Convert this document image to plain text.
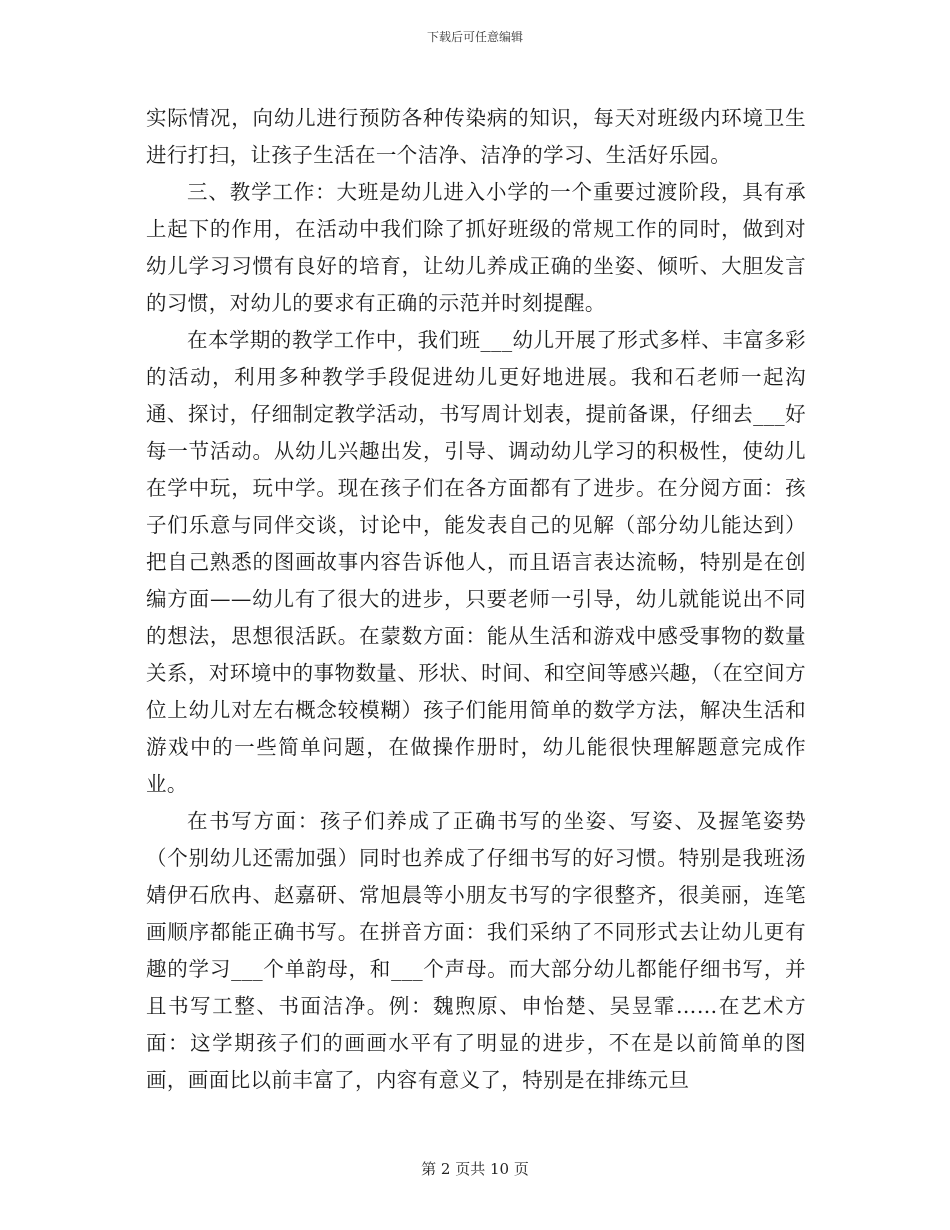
下载后可任意编辑

实际情况，向幼儿进行预防各种传染病的知识，每天对班级内环境卫生进行打扫，让孩子生活在一个洁净、洁净的学习、生活好乐园。

三、教学工作：大班是幼儿进入小学的一个重要过渡阶段，具有承上起下的作用，在活动中我们除了抓好班级的常规工作的同时，做到对幼儿学习习惯有良好的培育，让幼儿养成正确的坐姿、倾听、大胆发言的习惯，对幼儿的要求有正确的示范并时刻提醒。

在本学期的教学工作中，我们班___幼儿开展了形式多样、丰富多彩的活动，利用多种教学手段促进幼儿更好地进展。我和石老师一起沟通、探讨，仔细制定教学活动，书写周计划表，提前备课，仔细去___好每一节活动。从幼儿兴趣出发，引导、调动幼儿学习的积极性，使幼儿在学中玩，玩中学。现在孩子们在各方面都有了进步。在分阅方面：孩子们乐意与同伴交谈，讨论中，能发表自己的见解（部分幼儿能达到）把自己熟悉的图画故事内容告诉他人，而且语言表达流畅，特别是在创编方面——幼儿有了很大的进步，只要老师一引导，幼儿就能说出不同的想法，思想很活跃。在蒙数方面：能从生活和游戏中感受事物的数量关系，对环境中的事物数量、形状、时间、和空间等感兴趣，（在空间方位上幼儿对左右概念较模糊）孩子们能用简单的数学方法，解决生活和游戏中的一些简单问题，在做操作册时，幼儿能很快理解题意完成作业。

在书写方面：孩子们养成了正确书写的坐姿、写姿、及握笔姿势（个别幼儿还需加强）同时也养成了仔细书写的好习惯。特别是我班汤婧伊石欣冉、赵嘉研、常旭晨等小朋友书写的字很整齐，很美丽，连笔画顺序都能正确书写。在拼音方面：我们采纳了不同形式去让幼儿更有趣的学习___个单韵母，和___个声母。而大部分幼儿都能仔细书写，并且书写工整、书面洁净。例：魏煦原、申怡楚、吴昱霏……在艺术方面：这学期孩子们的画画水平有了明显的进步，不在是以前简单的图画，画面比以前丰富了，内容有意义了，特别是在排练元旦

第 2 页共 10 页
